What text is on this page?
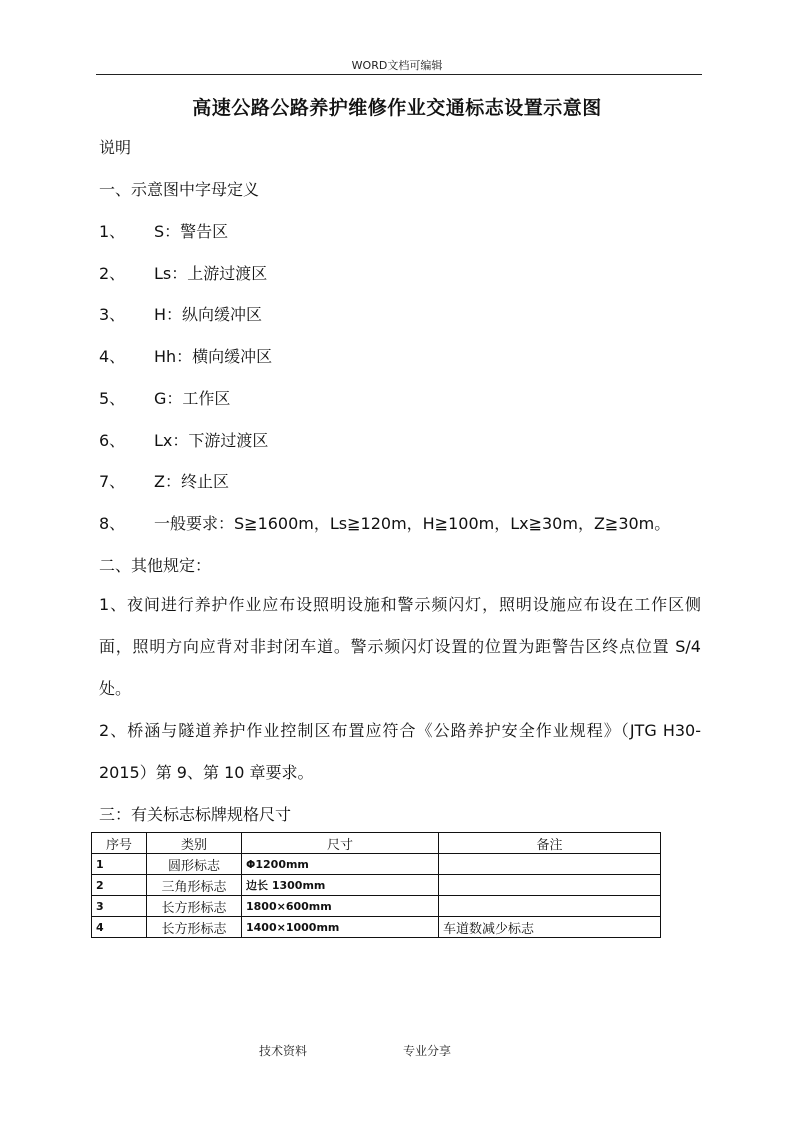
WORD文档可编辑
高速公路公路养护维修作业交通标志设置示意图
说明
一、示意图中字母定义
1、 S：警告区
2、 Ls：上游过渡区
3、 H：纵向缓冲区
4、 Hh：横向缓冲区
5、 G：工作区
6、 Lx：下游过渡区
7、 Z：终止区
8、 一般要求：S≧1600m，Ls≧120m，H≧100m，Lx≧30m，Z≧30m。
二、其他规定：
1、夜间进行养护作业应布设照明设施和警示频闪灯，照明设施应布设在工作区侧面，照明方向应背对非封闭车道。警示频闪灯设置的位置为距警告区终点位置 S/4 处。
2、桥涵与隧道养护作业控制区布置应符合《公路养护安全作业规程》（JTG H30-2015）第 9、第 10 章要求。
三：有关标志标牌规格尺寸
序号	类别	尺寸	备注
1	圆形标志	Φ1200mm	
2	三角形标志	边长 1300mm	
3	长方形标志	1800×600mm	
4	长方形标志	1400×1000mm	车道数减少标志
技术资料	专业分享
